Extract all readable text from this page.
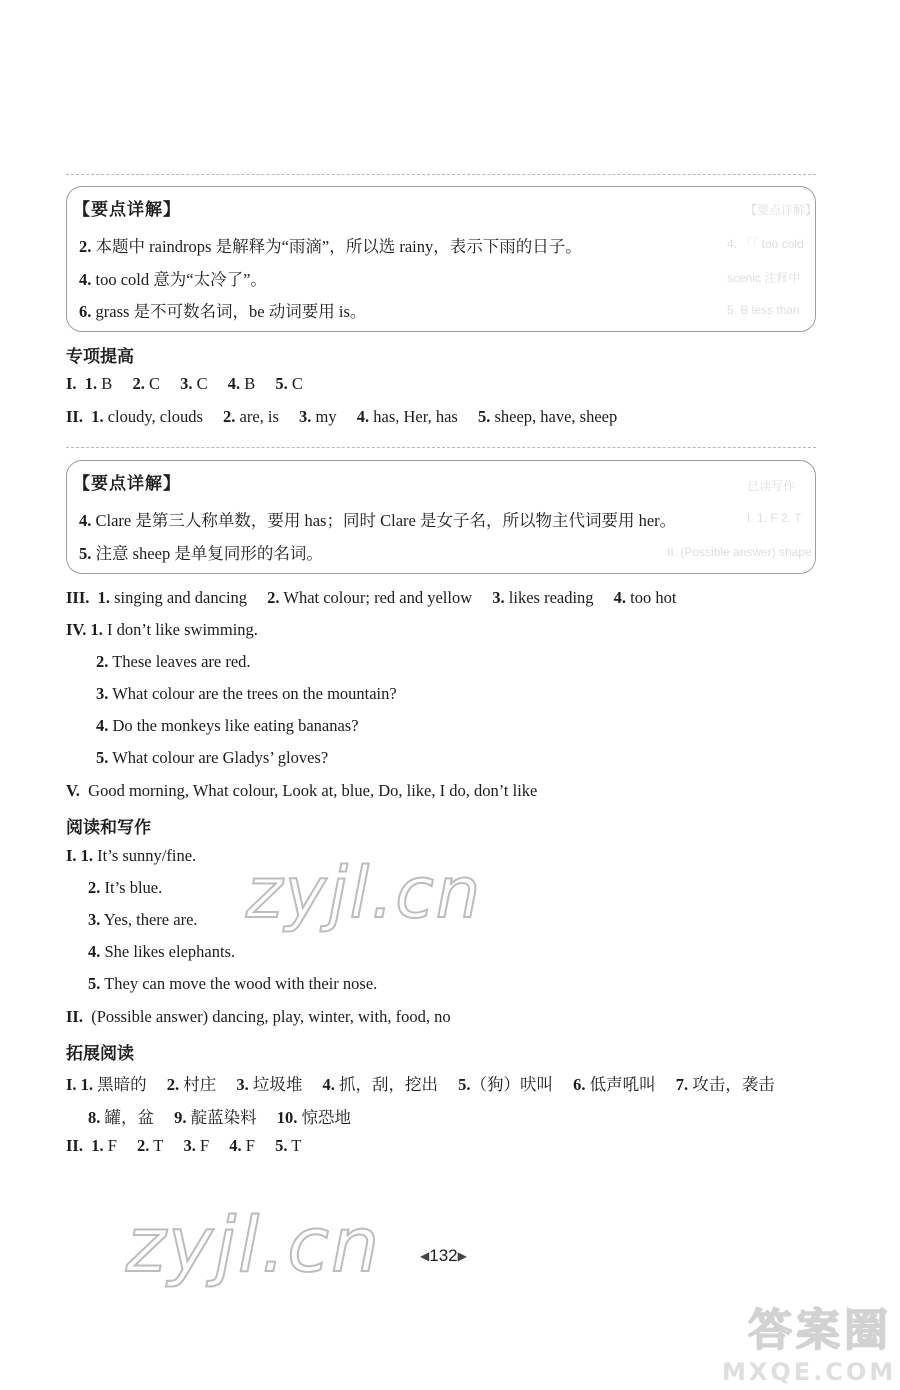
【要点详解】
4. 「「 too cold
scenic 注释中
5. B less than
【要点详解】
2. 本题中 raindrops 是解释为“雨滴”，所以选 rainy，表示下雨的日子。
4. too cold 意为“太冷了”。
6. grass 是不可数名词，be 动词要用 is。
专项提高
I. 1. B 2. C 3. C 4. B 5. C
II. 1. cloudy, clouds 2. are, is 3. my 4. has, Her, has 5. sheep, have, sheep
已读写作
I. 1. F 2. T
II. (Possible answer) shape
【要点详解】
4. Clare 是第三人称单数，要用 has；同时 Clare 是女子名，所以物主代词要用 her。
5. 注意 sheep 是单复同形的名词。
III. 1. singing and dancing 2. What colour; red and yellow 3. likes reading 4. too hot
IV. 1. I don’t like swimming.
2. These leaves are red.
3. What colour are the trees on the mountain?
4. Do the monkeys like eating bananas?
5. What colour are Gladys’ gloves?
V. Good morning, What colour, Look at, blue, Do, like, I do, don’t like
阅读和写作
I. 1. It’s sunny/fine.
2. It’s blue.
3. Yes, there are.
4. She likes elephants.
5. They can move the wood with their nose.
II. (Possible answer) dancing, play, winter, with, food, no
zyjl.cn
拓展阅读
I. 1. 黑暗的 2. 村庄 3. 垃圾堆 4. 抓，刮，挖出 5.（狗）吠叫 6. 低声吼叫 7. 攻击，袭击
8. 罐，盆 9. 靛蓝染料 10. 惊恐地
II. 1. F 2. T 3. F 4. F 5. T
zyjl.cn	◀132▶
答案圈
MXQE.COM
